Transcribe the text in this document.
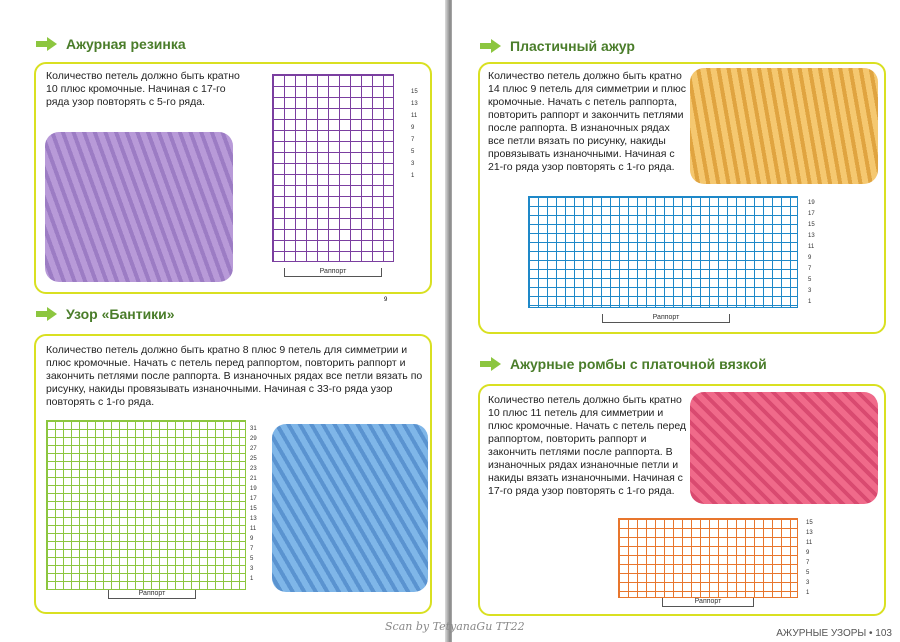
Ажурная резинка
Количество петель должно быть кратно 10 плюс кромочные. Начиная с 17-го ряда узор повторять с 5-го ряда.
15
13
11
9
7
5
3
1
Раппорт
9
Узор «Бантики»
Количество петель должно быть кратно 8 плюс 9 петель для симметрии и плюс кромочные. Начать с петель перед раппортом, повторить раппорт и закончить петлями после раппорта. В изнаночных рядах все петли вязать по рисунку, накиды провязывать изнаночными. Начиная с 33-го ряда узор повторять с 1-го ряда.
31
29
27
25
23
21
19
17
15
13
11
9
7
5
3
1
Раппорт
Пластичный ажур
Количество петель должно быть кратно 14 плюс 9 петель для симметрии и плюс кромочные. Начать с петель раппорта, повторить раппорт и закончить петлями после раппорта. В изнаночных рядах все петли вязать по рисунку, накиды провязывать изнаночными. Начиная с 21-го ряда узор повторять с 1-го ряда.
19
17
15
13
11
9
7
5
3
1
Раппорт
Ажурные ромбы с платочной вязкой
Количество петель должно быть кратно 10 плюс 11 петель для симметрии и плюс кромочные. Начать с петель перед раппортом, повторить раппорт и закончить петлями после раппорта. В изнаночных рядах изнаночные петли и накиды вязать изнаночными. Начиная с 17-го ряда узор повторять с 1-го ряда.
15
13
11
9
7
5
3
1
Раппорт
Scan by TetyanaGu TT22
АЖУРНЫЕ УЗОРЫ • 103
